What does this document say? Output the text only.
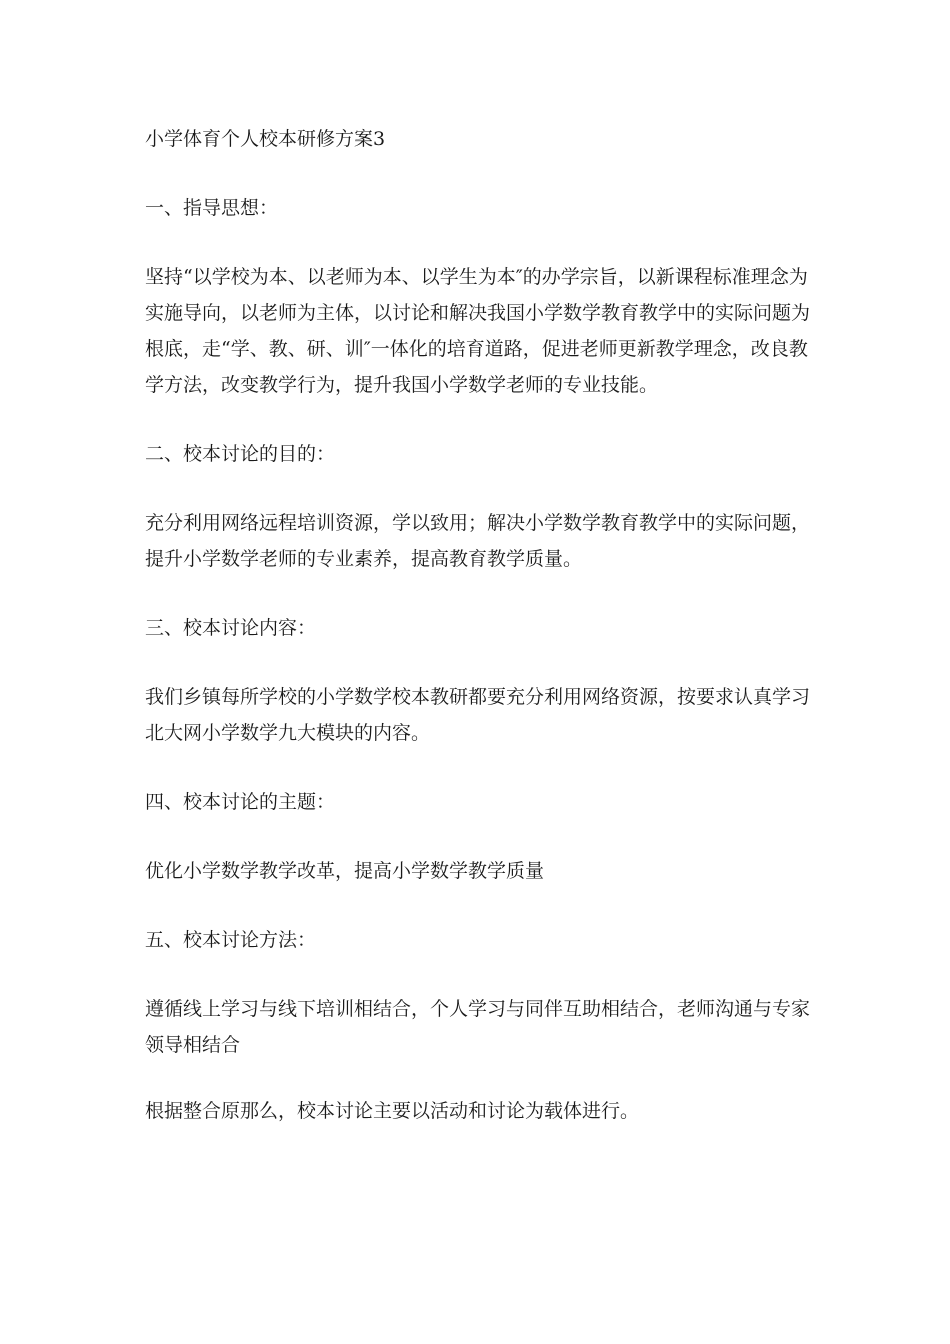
小学体育个人校本研修方案3

一、指导思想：

坚持“以学校为本、以老师为本、以学生为本″的办学宗旨，以新课程标准理念为实施导向，以老师为主体，以讨论和解决我国小学数学教育教学中的实际问题为根底，走“学、教、研、训″一体化的培育道路，促进老师更新教学理念，改良教学方法，改变教学行为，提升我国小学数学老师的专业技能。

二、校本讨论的目的：

充分利用网络远程培训资源，学以致用；解决小学数学教育教学中的实际问题，提升小学数学老师的专业素养，提高教育教学质量。

三、校本讨论内容：

我们乡镇每所学校的小学数学校本教研都要充分利用网络资源，按要求认真学习北大网小学数学九大模块的内容。

四、校本讨论的主题：

优化小学数学教学改革，提高小学数学教学质量

五、校本讨论方法：

遵循线上学习与线下培训相结合，个人学习与同伴互助相结合，老师沟通与专家领导相结合

根据整合原那么，校本讨论主要以活动和讨论为载体进行。
